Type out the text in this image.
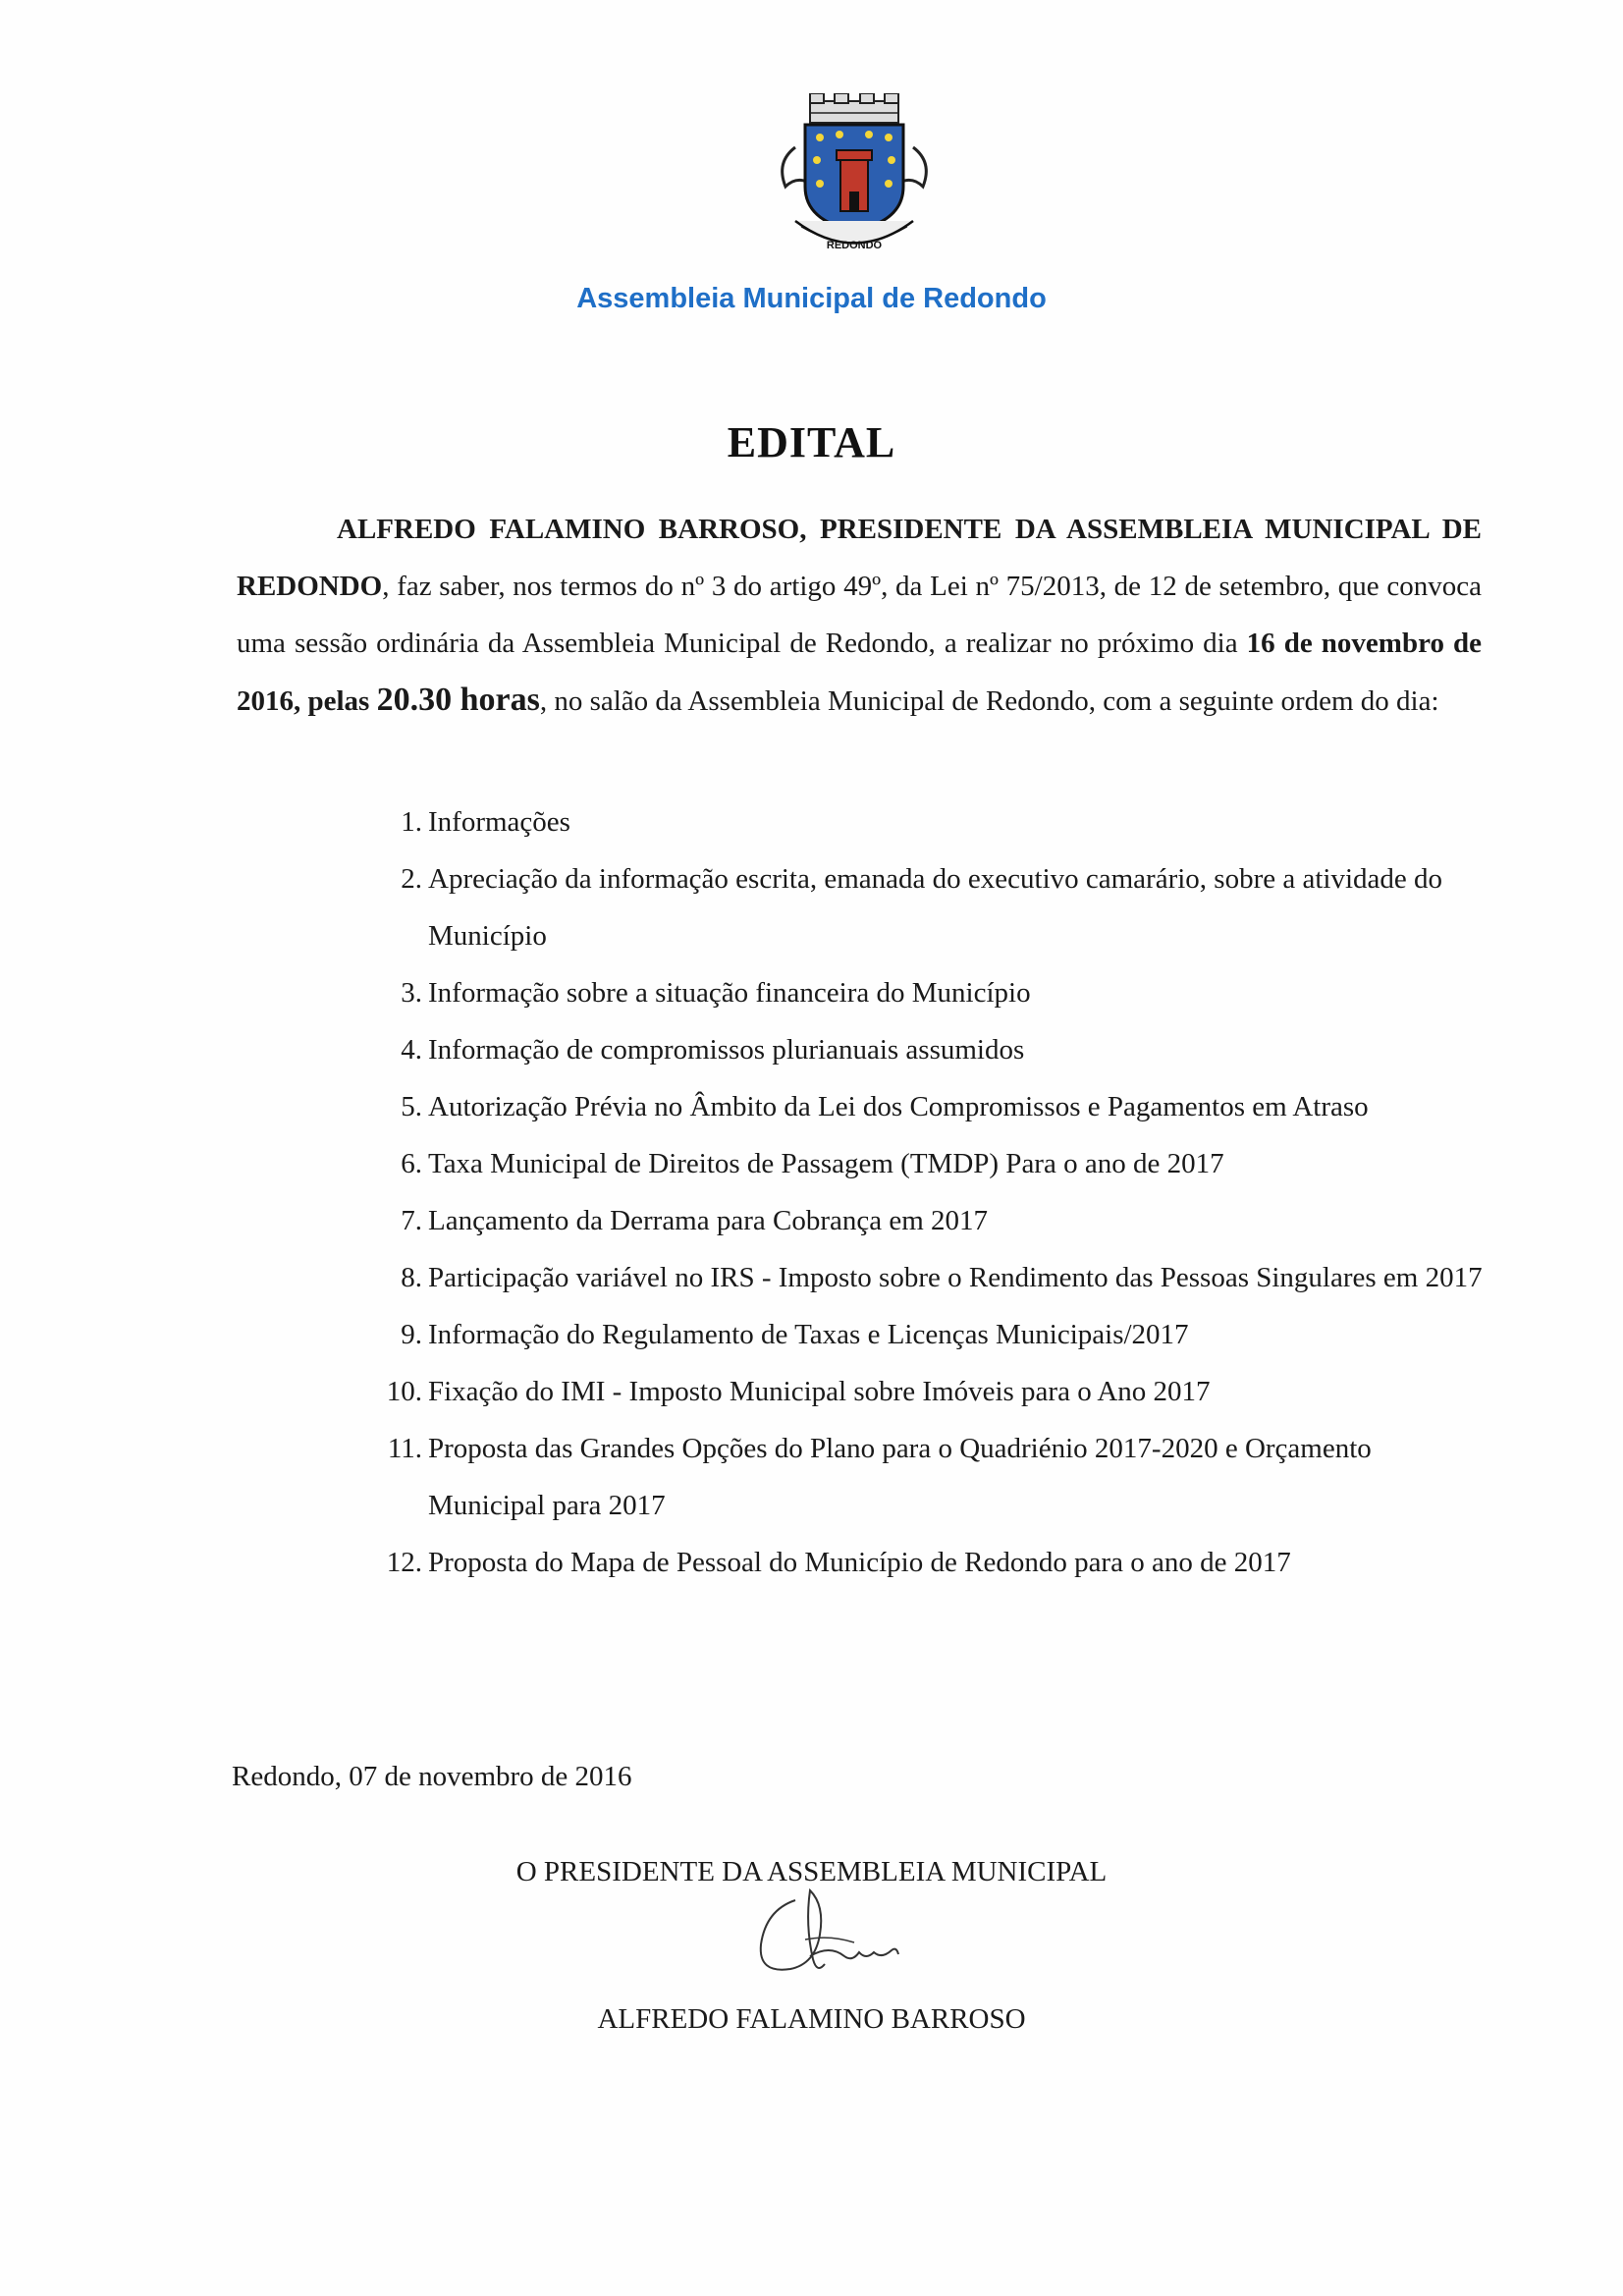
REDONDO
Assembleia Municipal de Redondo
EDITAL
ALFREDO FALAMINO BARROSO, PRESIDENTE DA ASSEMBLEIA MUNICIPAL DE REDONDO, faz saber, nos termos do nº 3 do artigo 49º, da Lei nº 75/2013, de 12 de setembro, que convoca uma sessão ordinária da Assembleia Municipal de Redondo, a realizar no próximo dia 16 de novembro de 2016, pelas 20.30 horas, no salão da Assembleia Municipal de Redondo, com a seguinte ordem do dia:
1. Informações
2. Apreciação da informação escrita, emanada do executivo camarário, sobre a atividade do Município
3. Informação sobre a situação financeira do Município
4. Informação de compromissos plurianuais assumidos
5. Autorização Prévia no Âmbito da Lei dos Compromissos e Pagamentos em Atraso
6. Taxa Municipal de Direitos de Passagem (TMDP) Para o ano de 2017
7. Lançamento da Derrama para Cobrança em 2017
8. Participação variável no IRS - Imposto sobre o Rendimento das Pessoas Singulares em 2017
9. Informação do Regulamento de Taxas e Licenças Municipais/2017
10. Fixação do IMI - Imposto Municipal sobre Imóveis para o Ano 2017
11. Proposta das Grandes Opções do Plano para o Quadriénio 2017-2020 e Orçamento Municipal para 2017
12. Proposta do Mapa de Pessoal do Município de Redondo para o ano de 2017
Redondo, 07 de novembro de 2016
O PRESIDENTE DA ASSEMBLEIA MUNICIPAL
ALFREDO FALAMINO BARROSO
